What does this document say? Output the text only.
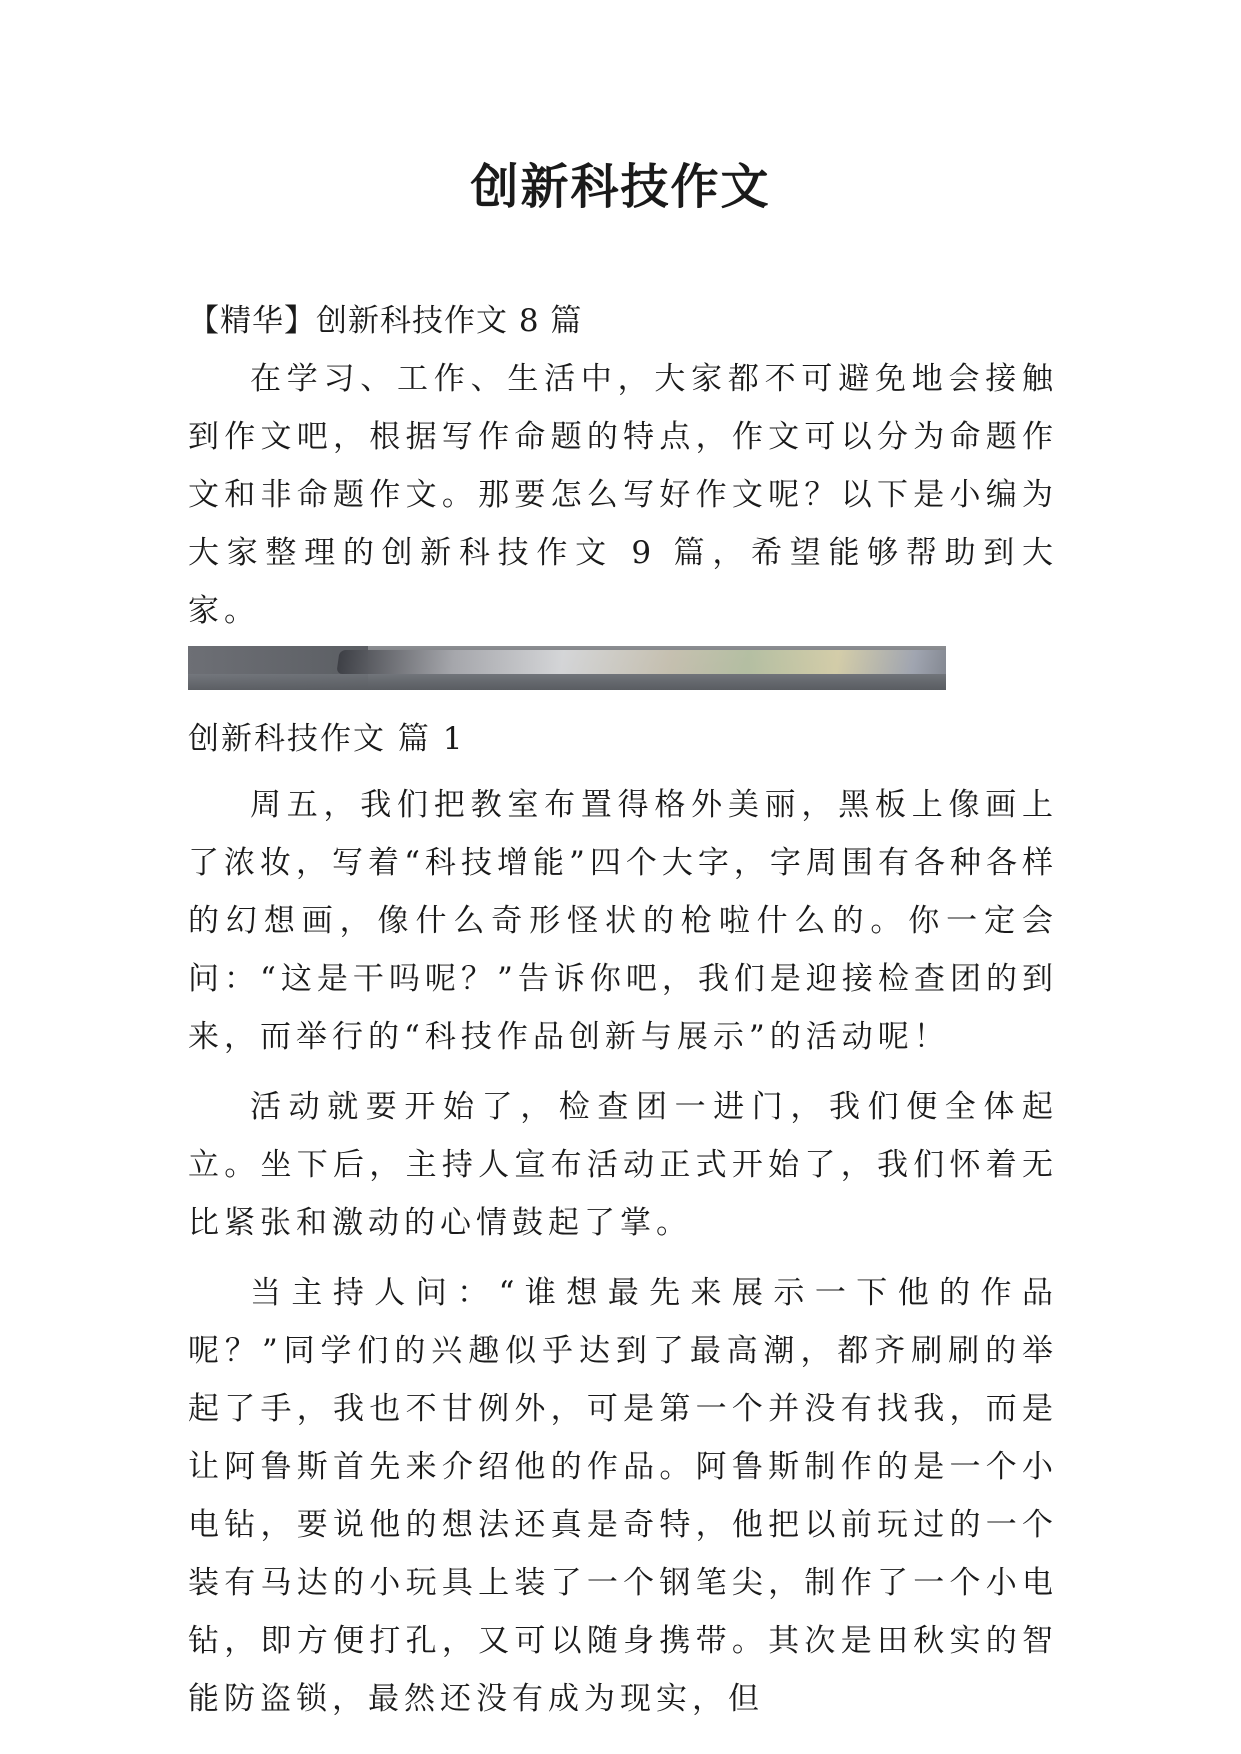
创新科技作文

【精华】创新科技作文 8 篇

在学习、工作、生活中，大家都不可避免地会接触到作文吧，根据写作命题的特点，作文可以分为命题作文和非命题作文。那要怎么写好作文呢？以下是小编为大家整理的创新科技作文 9 篇，希望能够帮助到大家。

创新科技作文 篇 1

周五，我们把教室布置得格外美丽，黑板上像画上了浓妆，写着“科技增能”四个大字，字周围有各种各样的幻想画，像什么奇形怪状的枪啦什么的。你一定会问：“这是干吗呢？”告诉你吧，我们是迎接检查团的到来，而举行的“科技作品创新与展示”的活动呢！

活动就要开始了，检查团一进门，我们便全体起立。坐下后，主持人宣布活动正式开始了，我们怀着无比紧张和激动的心情鼓起了掌。

当主持人问：“谁想最先来展示一下他的作品呢？”同学们的兴趣似乎达到了最高潮，都齐刷刷的举起了手，我也不甘例外，可是第一个并没有找我，而是让阿鲁斯首先来介绍他的作品。阿鲁斯制作的是一个小电钻，要说他的想法还真是奇特，他把以前玩过的一个装有马达的小玩具上装了一个钢笔尖，制作了一个小电钻，即方便打孔，又可以随身携带。其次是田秋实的智能防盗锁，最然还没有成为现实，但
